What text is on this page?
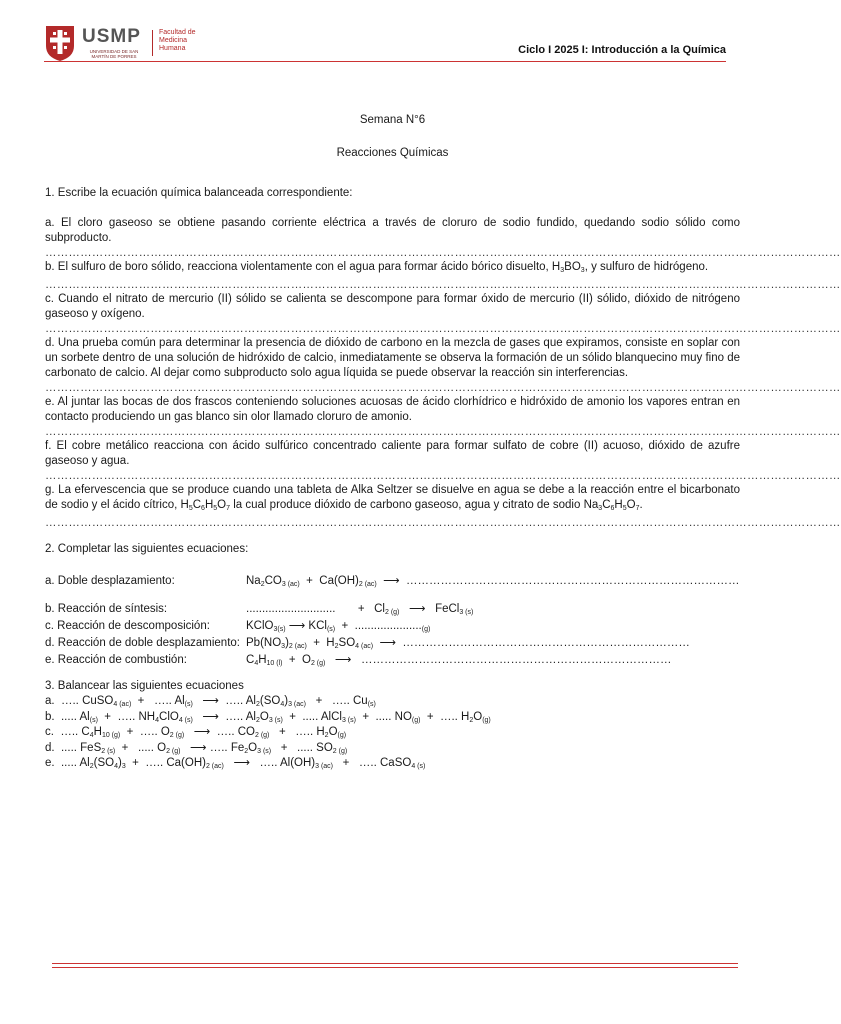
USMP
UNIVERSIDAD DE SAN MARTÍN DE PORRES
Facultad de
Medicina
Humana	Ciclo I 2025 I: Introducción a la Química
Semana N°6
Reacciones Químicas
1. Escribe la ecuación química balanceada correspondiente:
a. El cloro gaseoso se obtiene pasando corriente eléctrica a través de cloruro de sodio fundido, quedando sodio sólido como subproducto.
……………………………………………………………………………………………………………………………………………………………………………………
b. El sulfuro de boro sólido, reacciona violentamente con el agua para formar ácido bórico disuelto, $H_3BO_3$, y sulfuro de hidrógeno.
……………………………………………………………………………………………………………………………………………………………………………………
c. Cuando el nitrato de mercurio (II) sólido se calienta se descompone para formar óxido de mercurio (II) sólido, dióxido de nitrógeno gaseoso y oxígeno.
……………………………………………………………………………………………………………………………………………………………………………………
d. Una prueba común para determinar la presencia de dióxido de carbono en la mezcla de gases que expiramos, consiste en soplar con un sorbete dentro de una solución de hidróxido de calcio, inmediatamente se observa la formación de un sólido blanquecino muy fino de carbonato de calcio. Al dejar como subproducto solo agua líquida se puede observar la reacción sin interferencias.
……………………………………………………………………………………………………………………………………………………………………………………
e. Al juntar las bocas de dos frascos conteniendo soluciones acuosas de ácido clorhídrico e hidróxido de amonio los vapores entran en contacto produciendo un gas blanco sin olor llamado cloruro de amonio.
……………………………………………………………………………………………………………………………………………………………………………………
f. El cobre metálico reacciona con ácido sulfúrico concentrado caliente para formar sulfato de cobre (II) acuoso, dióxido de azufre gaseoso y agua.
……………………………………………………………………………………………………………………………………………………………………………………
g. La efervescencia que se produce cuando una tableta de Alka Seltzer se disuelve en agua se debe a la reacción entre el bicarbonato de sodio y el ácido cítrico, $H_5C_6H_5O_7$ la cual produce dióxido de carbono gaseoso, agua y citrato de sodio $Na_3C_6H_5O_7$.
……………………………………………………………………………………………………………………………………………………………………………………
2. Completar las siguientes ecuaciones:
a. Doble desplazamiento:	$Na_2CO_{3 (ac)} + Ca(OH)_{2 (ac)}$  ⟶  ……………………………………………………………………………
b. Reacción de síntesis:	............................       +   $Cl_{2 (g)}$   ⟶   FeCl$_{3 (s)}$
c. Reacción de descomposición:	KClO$_{3(s)}$ ⟶ $KCl_{(s)} + ....................._{(g)}$
d. Reacción de doble desplazamiento: $Pb(NO_3)_{2 (ac)} + H_2SO_{4 (ac)}$  ⟶  …………………………………………………………………
e. Reacción de combustión:	$C_4H_{10 (l)} + O_{2 (g)}$   ⟶   ………………………………………………………………………
3. Balancear las siguientes ecuaciones
a.  ….. CuSO$_{4 (ac)}$  +   ….. $Al_{(s)}$   ⟶  ….. $Al_2(SO_4)_{3 (ac)}$   +   ….. $Cu_{(s)}$
b.  ..... $Al_{(s)}$  +  ….. $NH_4ClO_{4 (s)}$   ⟶  ….. $Al_2O_{3 (s)}$  +  ..... AlCl$_{3 (s)}$  +  ..... $NO_{(g)}$  +  ….. $H_2O_{(g)}$
c.  ….. $C_4H_{10 (g)}$  +  ….. $O_{2 (g)}$   ⟶  ….. $CO_{2 (g)}$   +   ….. $H_2O_{(g)}$
d.  ..... FeS$_{2 (s)}$  +   ..... $O_{2 (g)}$   ⟶ ….. $Fe_2O_{3 (s)}$   +   ..... $SO_{2 (g)}$
e.  ..... $Al_2(SO_4)_3$  +  ….. $Ca(OH)_{2 (ac)}$   ⟶   ….. $Al(OH)_{3 (ac)}$   +   ….. CaSO$_{4 (s)}$
